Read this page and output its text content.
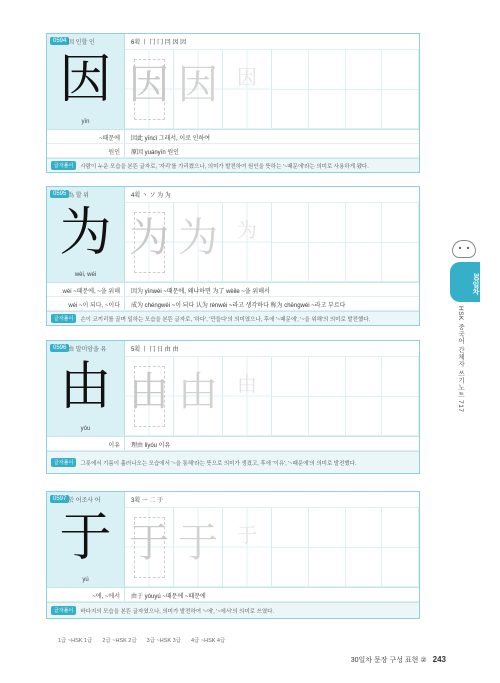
0594 因 인할 인
因
yīn
6획 丨 冂 冂 冃 因 因
因 因 因
~때문에	因此 yīncǐ 그래서, 이로 인하여
원인	原因 yuányīn 원인
글자풀이	사람이 누운 모습을 본뜬 글자로, '자리'를 가리켰으나, 의미가 발전하여 원인을 뜻하는 '~때문에'라는 의미로 사용하게 됐다.
0595 為 할 위
为
wèi, wéi
4획 丶 ソ 为 为
为 为 为
wèi ~때문에, ~을 위해	因为 yīnwèi ~때문에, 왜냐하면 为了 wèile ~을 위해서
wéi ~이 되다, ~이다	成为 chéngwéi ~이 되다 认为 rènwéi ~라고 생각하다 称为 chēngwéi ~라고 부르다
글자풀이	손이 코끼리를 끌며 일하는 모습을 본뜬 글자로, '하다', '만들다'의 의미였으나, 후에 '~때문에', '~을 위해'의 의미로 발전했다.
0596 由 말미암을 유
由
yóu
5획 丨 冂 日 由 由
由 由 由
이유	理由 lǐyóu 이유
글자풀이	그릇에서 기름이 흘러나오는 모습에서 '~을 통해'라는 뜻으로 의미가 생겼고, 후에 '이유', '~때문에'의 의미로 발전했다.
0597 於 어조사 어
于
yú
3획 一 二 于
于 于 于
~에, ~에서	由于 yóuyú ~때문에 ~때문에
글자풀이	바다지의 모습을 본뜬 글자였으나, 의미가 발전하여 '~에', '~에서'의 의미로 쓰였다.
30일차
HSK 중국어 간체자 쓰기노트 717
1급 ~HSK 1급 2급 ~HSK 2급 3급 ~HSK 3급 4급 ~HSK 4급
30일차 문장 구성 표현 ② 243
